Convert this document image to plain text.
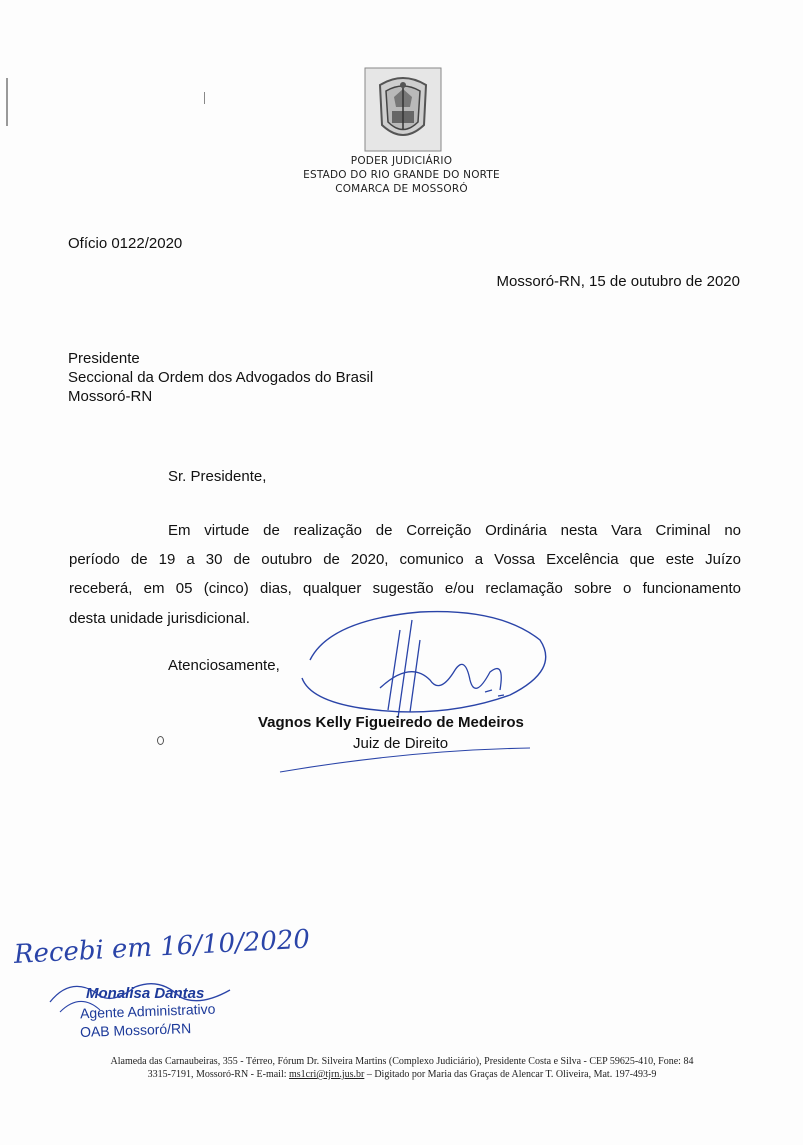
PODER JUDICIÁRIO
ESTADO DO RIO GRANDE DO NORTE
COMARCA DE MOSSORÓ
Ofício 0122/2020
Mossoró-RN, 15 de outubro de 2020
Presidente
Seccional da Ordem dos Advogados do Brasil
Mossoró-RN
Sr. Presidente,
Em virtude de realização de Correição Ordinária nesta Vara Criminal no
período de 19 a 30 de outubro de 2020, comunico a Vossa Excelência que este Juízo
receberá, em 05 (cinco) dias, qualquer sugestão e/ou reclamação sobre o funcionamento
desta unidade jurisdicional.
Atenciosamente,
Vagnos Kelly Figueiredo de Medeiros
Juiz de Direito
Recebi em 16/10/2020
Monalisa Dantas
Agente Administrativo
OAB Mossoró/RN
Alameda das Carnaubeiras, 355 - Térreo, Fórum Dr. Silveira Martins (Complexo Judiciário), Presidente Costa e Silva - CEP 59625-410, Fone: 84
3315-7191, Mossoró-RN - E-mail: ms1cri@tjrn.jus.br – Digitado por Maria das Graças de Alencar T. Oliveira, Mat. 197-493-9
